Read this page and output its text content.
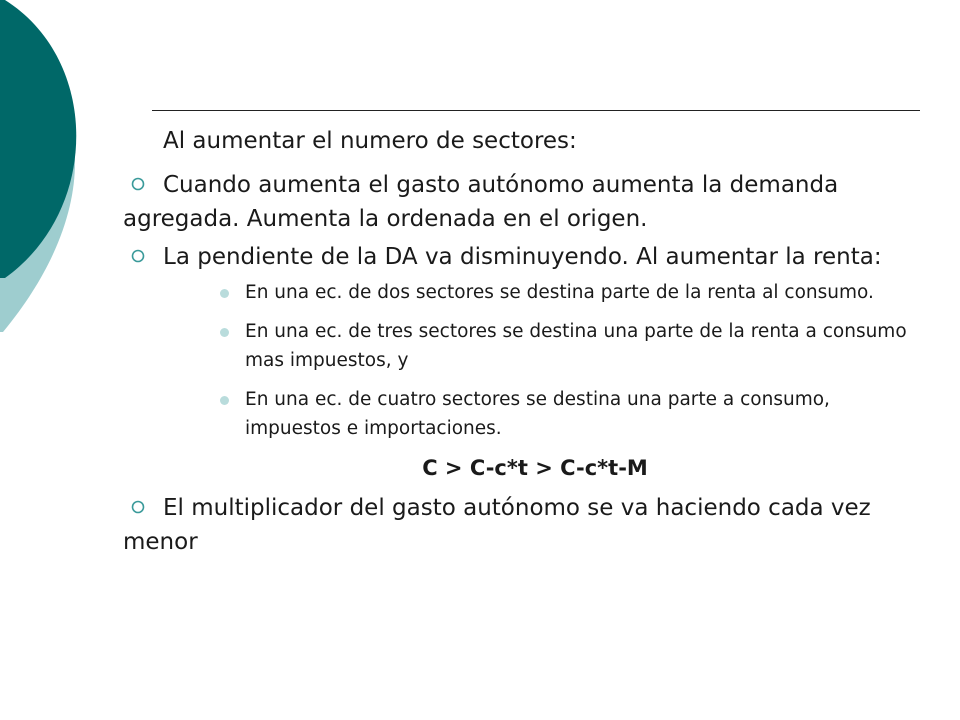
Al aumentar el numero de sectores:

Cuando aumenta el gasto autónomo aumenta la demanda agregada. Aumenta la ordenada en el origen.

La pendiente de la DA va disminuyendo. Al aumentar la renta:

En una ec. de dos sectores se destina parte de la renta al consumo.

En una ec. de tres sectores se destina una parte de la renta a consumo mas impuestos, y

En una ec. de cuatro sectores se destina una parte a consumo, impuestos e importaciones.

C > C-c*t > C-c*t-M

El multiplicador del gasto autónomo se va haciendo cada vez menor
